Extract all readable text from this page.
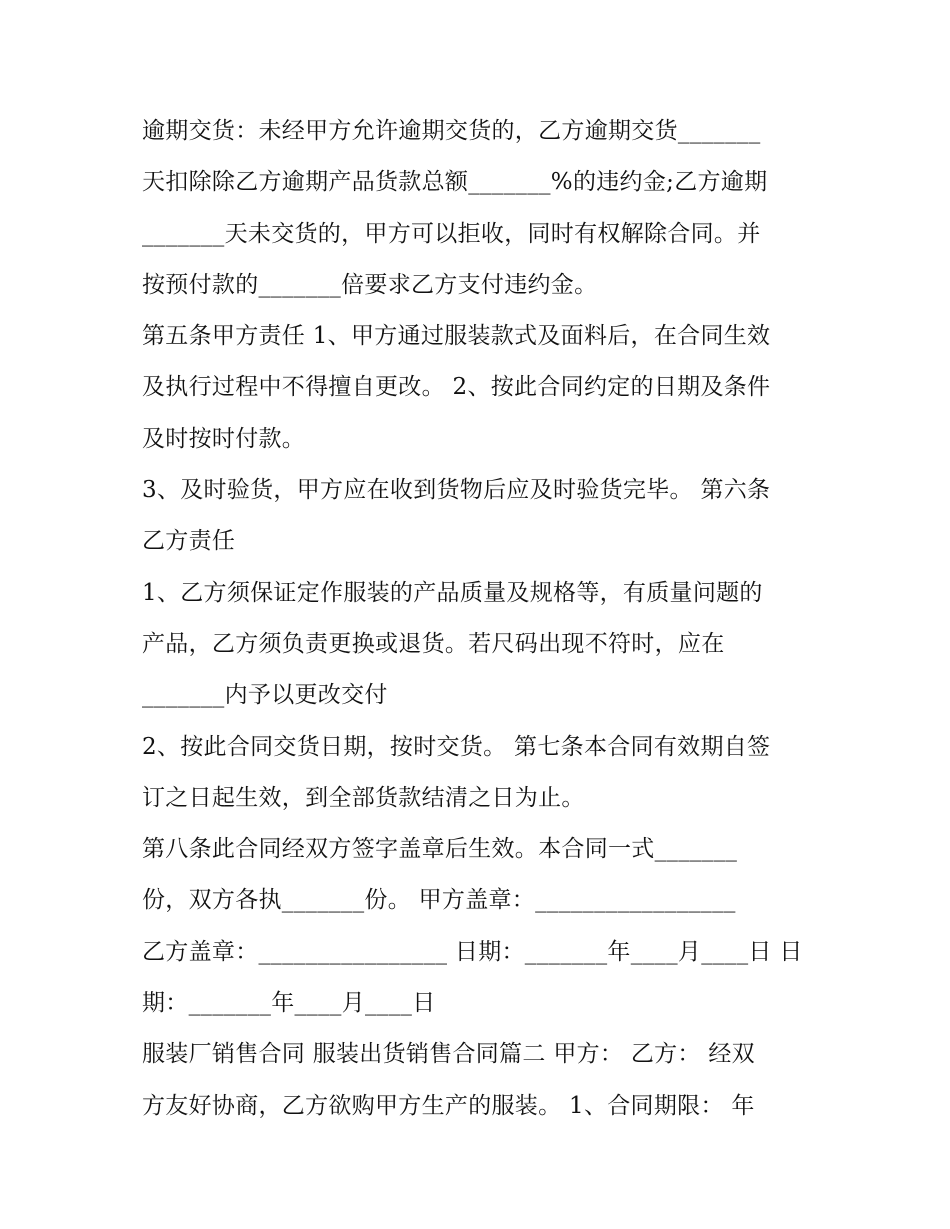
逾期交货：未经甲方允许逾期交货的，乙方逾期交货_______
天扣除除乙方逾期产品货款总额_______%的违约金;乙方逾期
_______天未交货的，甲方可以拒收，同时有权解除合同。并
按预付款的_______倍要求乙方支付违约金。
第五条甲方责任 1、甲方通过服装款式及面料后，在合同生效
及执行过程中不得擅自更改。 2、按此合同约定的日期及条件
及时按时付款。
3、及时验货，甲方应在收到货物后应及时验货完毕。 第六条
乙方责任
1、乙方须保证定作服装的产品质量及规格等，有质量问题的
产品，乙方须负责更换或退货。若尺码出现不符时，应在
_______内予以更改交付
2、按此合同交货日期，按时交货。 第七条本合同有效期自签
订之日起生效，到全部货款结清之日为止。
第八条此合同经双方签字盖章后生效。本合同一式_______
份，双方各执_______份。 甲方盖章：_________________
乙方盖章：________________ 日期：_______年____月____日 日
期：_______年____月____日
服装厂销售合同 服装出货销售合同篇二 甲方： 乙方： 经双
方友好协商，乙方欲购甲方生产的服装。 1、合同期限： 年
